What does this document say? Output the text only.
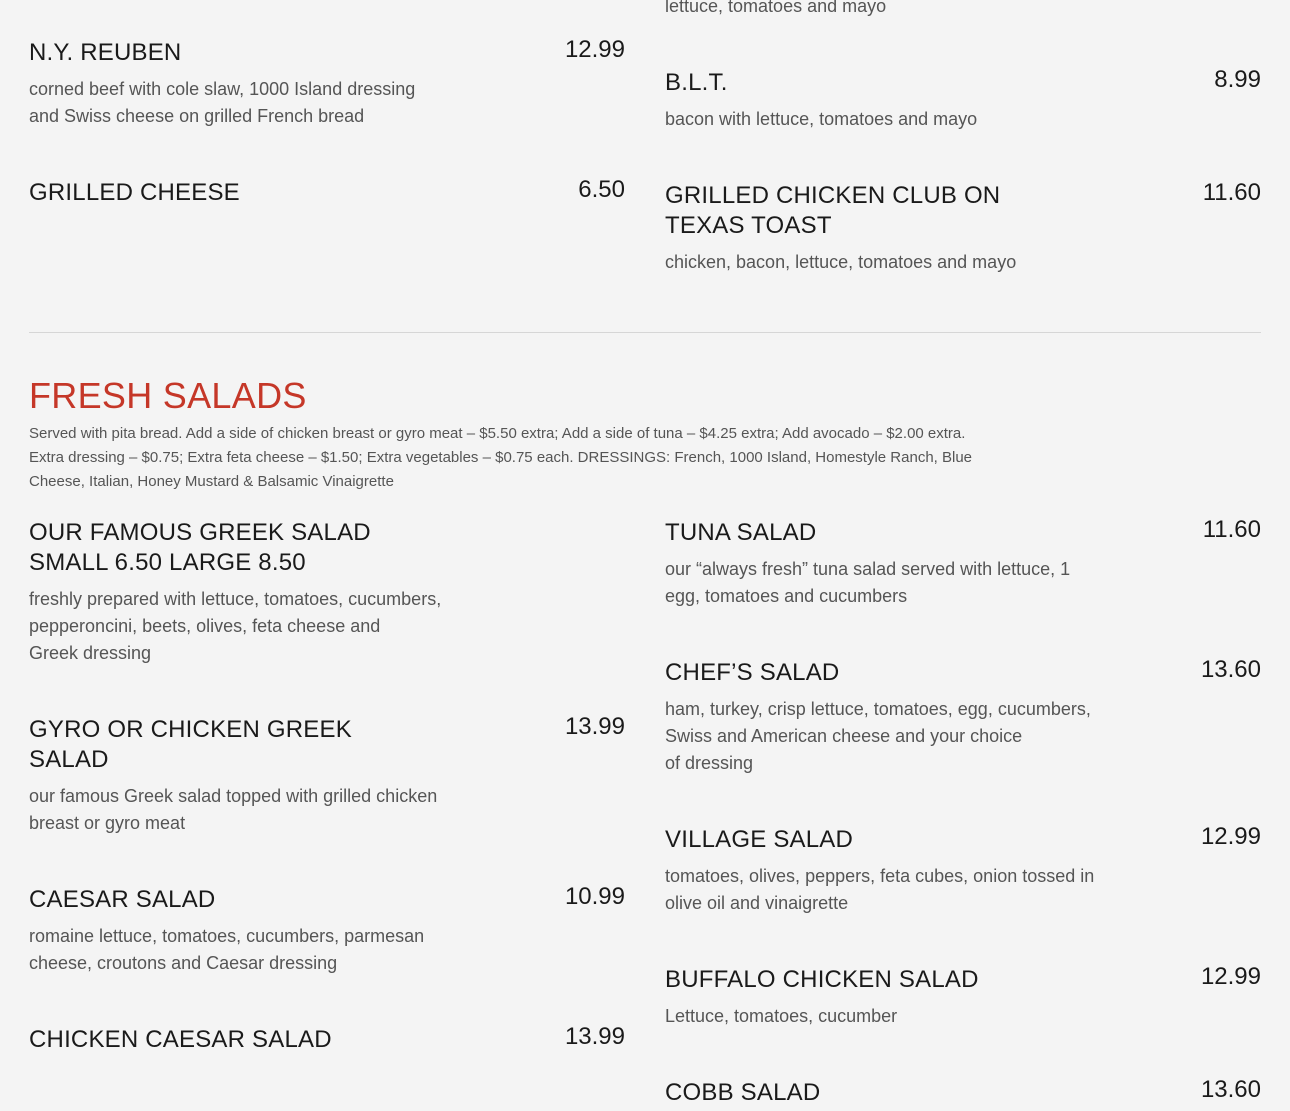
lettuce, tomatoes and mayo
N.Y. REUBEN	12.99
corned beef with cole slaw, 1000 Island dressing
and Swiss cheese on grilled French bread
GRILLED CHEESE	6.50
B.L.T.	8.99
bacon with lettuce, tomatoes and mayo
GRILLED CHICKEN CLUB ON
TEXAS TOAST
11.60
chicken, bacon, lettuce, tomatoes and mayo
FRESH SALADS
Served with pita bread. Add a side of chicken breast or gyro meat – $5.50 extra; Add a side of tuna – $4.25 extra; Add avocado – $2.00 extra.
Extra dressing – $0.75; Extra feta cheese – $1.50; Extra vegetables – $0.75 each. DRESSINGS: French, 1000 Island, Homestyle Ranch, Blue
Cheese, Italian, Honey Mustard & Balsamic Vinaigrette
OUR FAMOUS GREEK SALAD
SMALL 6.50 LARGE 8.50
freshly prepared with lettuce, tomatoes, cucumbers,
pepperoncini, beets, olives, feta cheese and
Greek dressing
GYRO OR CHICKEN GREEK
SALAD
13.99
our famous Greek salad topped with grilled chicken
breast or gyro meat
CAESAR SALAD	10.99
romaine lettuce, tomatoes, cucumbers, parmesan
cheese, croutons and Caesar dressing
CHICKEN CAESAR SALAD	13.99
TUNA SALAD	11.60
our “always fresh” tuna salad served with lettuce, 1
egg, tomatoes and cucumbers
CHEF’S SALAD	13.60
ham, turkey, crisp lettuce, tomatoes, egg, cucumbers,
Swiss and American cheese and your choice
of dressing
VILLAGE SALAD	12.99
tomatoes, olives, peppers, feta cubes, onion tossed in
olive oil and vinaigrette
BUFFALO CHICKEN SALAD	12.99
Lettuce, tomatoes, cucumber
COBB SALAD	13.60
